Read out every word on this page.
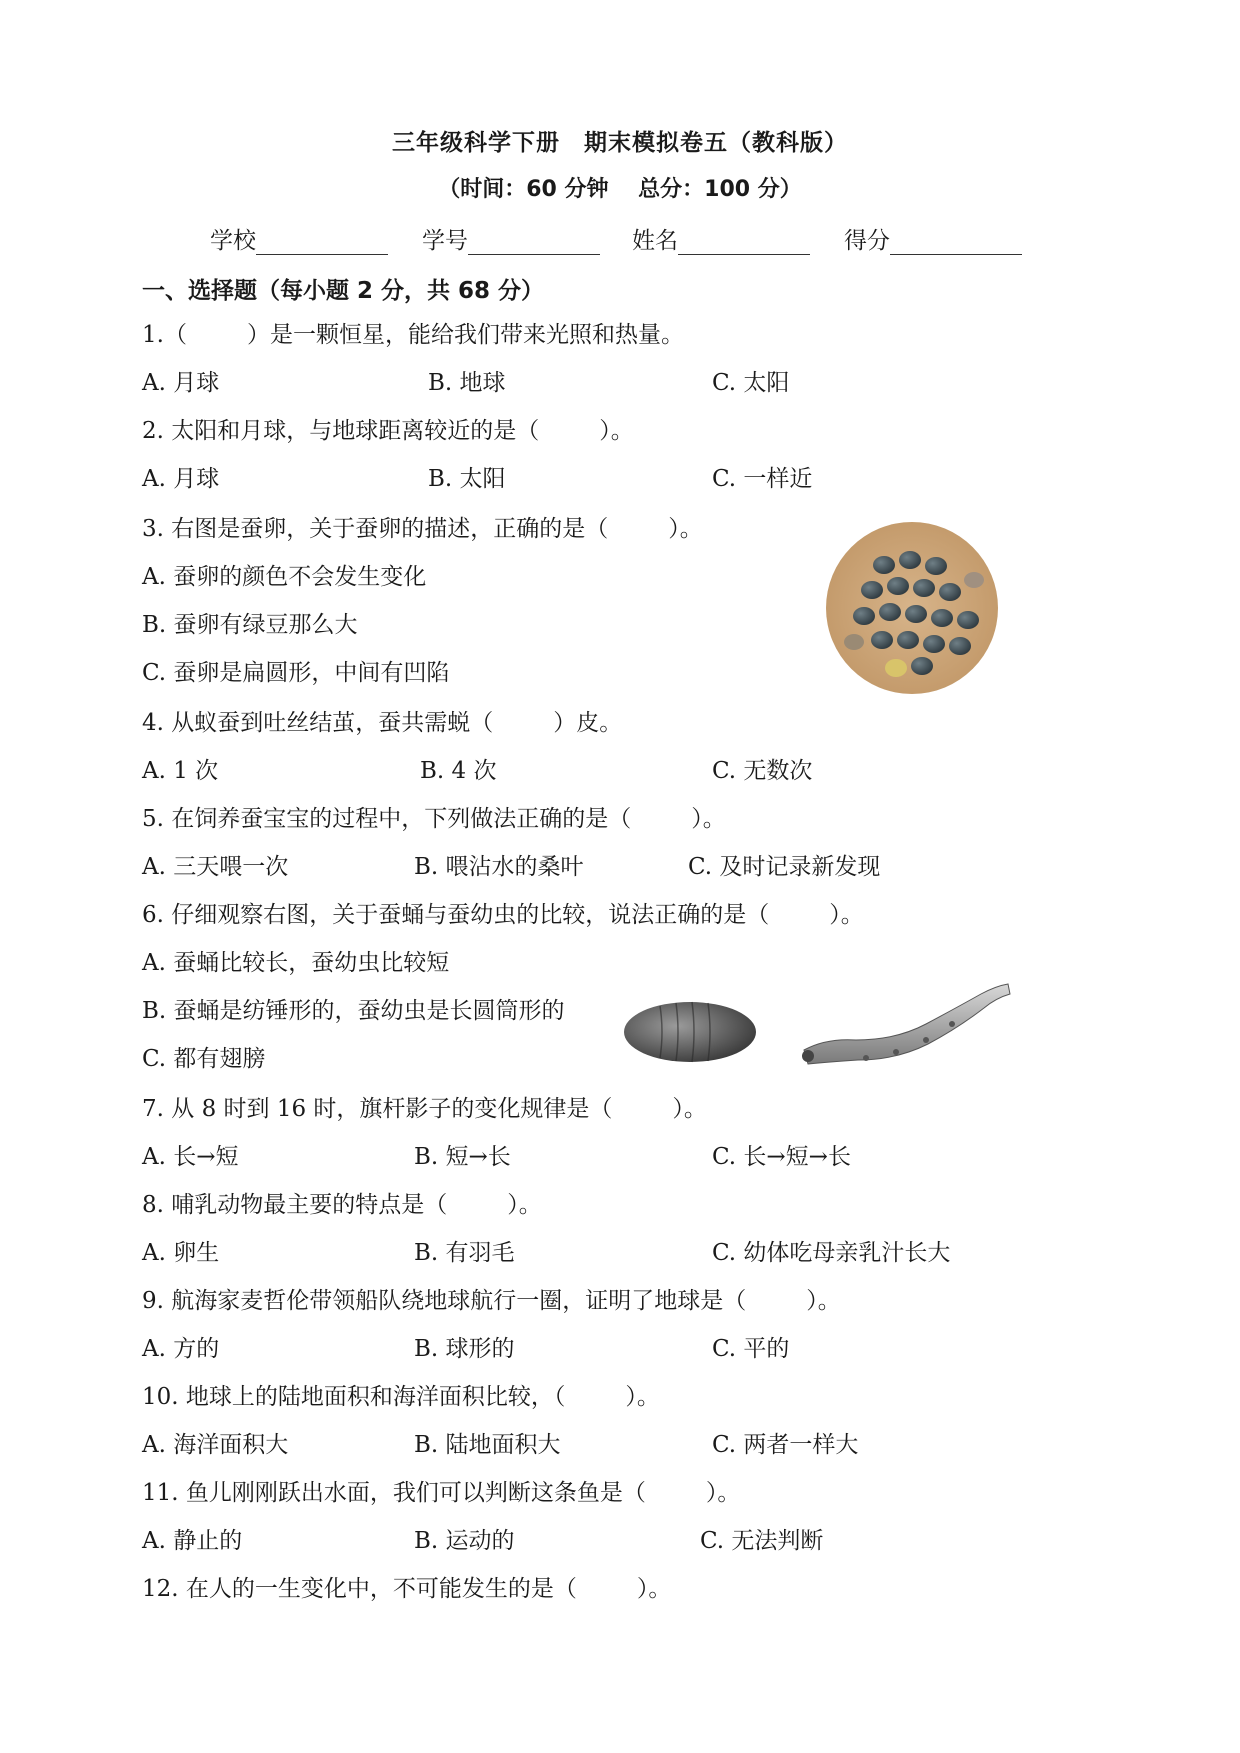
三年级科学下册　期末模拟卷五（教科版）
（时间：60 分钟　 总分：100 分）
学校	学号	姓名	得分
一、选择题（每小题 2 分，共 68 分）
1.（	）是一颗恒星，能给我们带来光照和热量。
A. 月球	B. 地球	C. 太阳
2. 太阳和月球，与地球距离较近的是（	）。
A. 月球	B. 太阳	C. 一样近
3. 右图是蚕卵，关于蚕卵的描述，正确的是（	）。
A. 蚕卵的颜色不会发生变化
B. 蚕卵有绿豆那么大
C. 蚕卵是扁圆形，中间有凹陷
4. 从蚁蚕到吐丝结茧，蚕共需蜕（	）皮。
A. 1 次	B. 4 次	C. 无数次
5. 在饲养蚕宝宝的过程中，下列做法正确的是（	）。
A. 三天喂一次	B. 喂沾水的桑叶	C. 及时记录新发现
6. 仔细观察右图，关于蚕蛹与蚕幼虫的比较，说法正确的是（	）。
A. 蚕蛹比较长，蚕幼虫比较短
B. 蚕蛹是纺锤形的，蚕幼虫是长圆筒形的
C. 都有翅膀
7. 从 8 时到 16 时，旗杆影子的变化规律是（	）。
A. 长→短	B. 短→长	C. 长→短→长
8. 哺乳动物最主要的特点是（	）。
A. 卵生	B. 有羽毛	C. 幼体吃母亲乳汁长大
9. 航海家麦哲伦带领船队绕地球航行一圈，证明了地球是（	）。
A. 方的	B. 球形的	C. 平的
10. 地球上的陆地面积和海洋面积比较，（	）。
A. 海洋面积大	B. 陆地面积大	C. 两者一样大
11. 鱼儿刚刚跃出水面，我们可以判断这条鱼是（	）。
A. 静止的	B. 运动的	C. 无法判断
12. 在人的一生变化中，不可能发生的是（	）。
